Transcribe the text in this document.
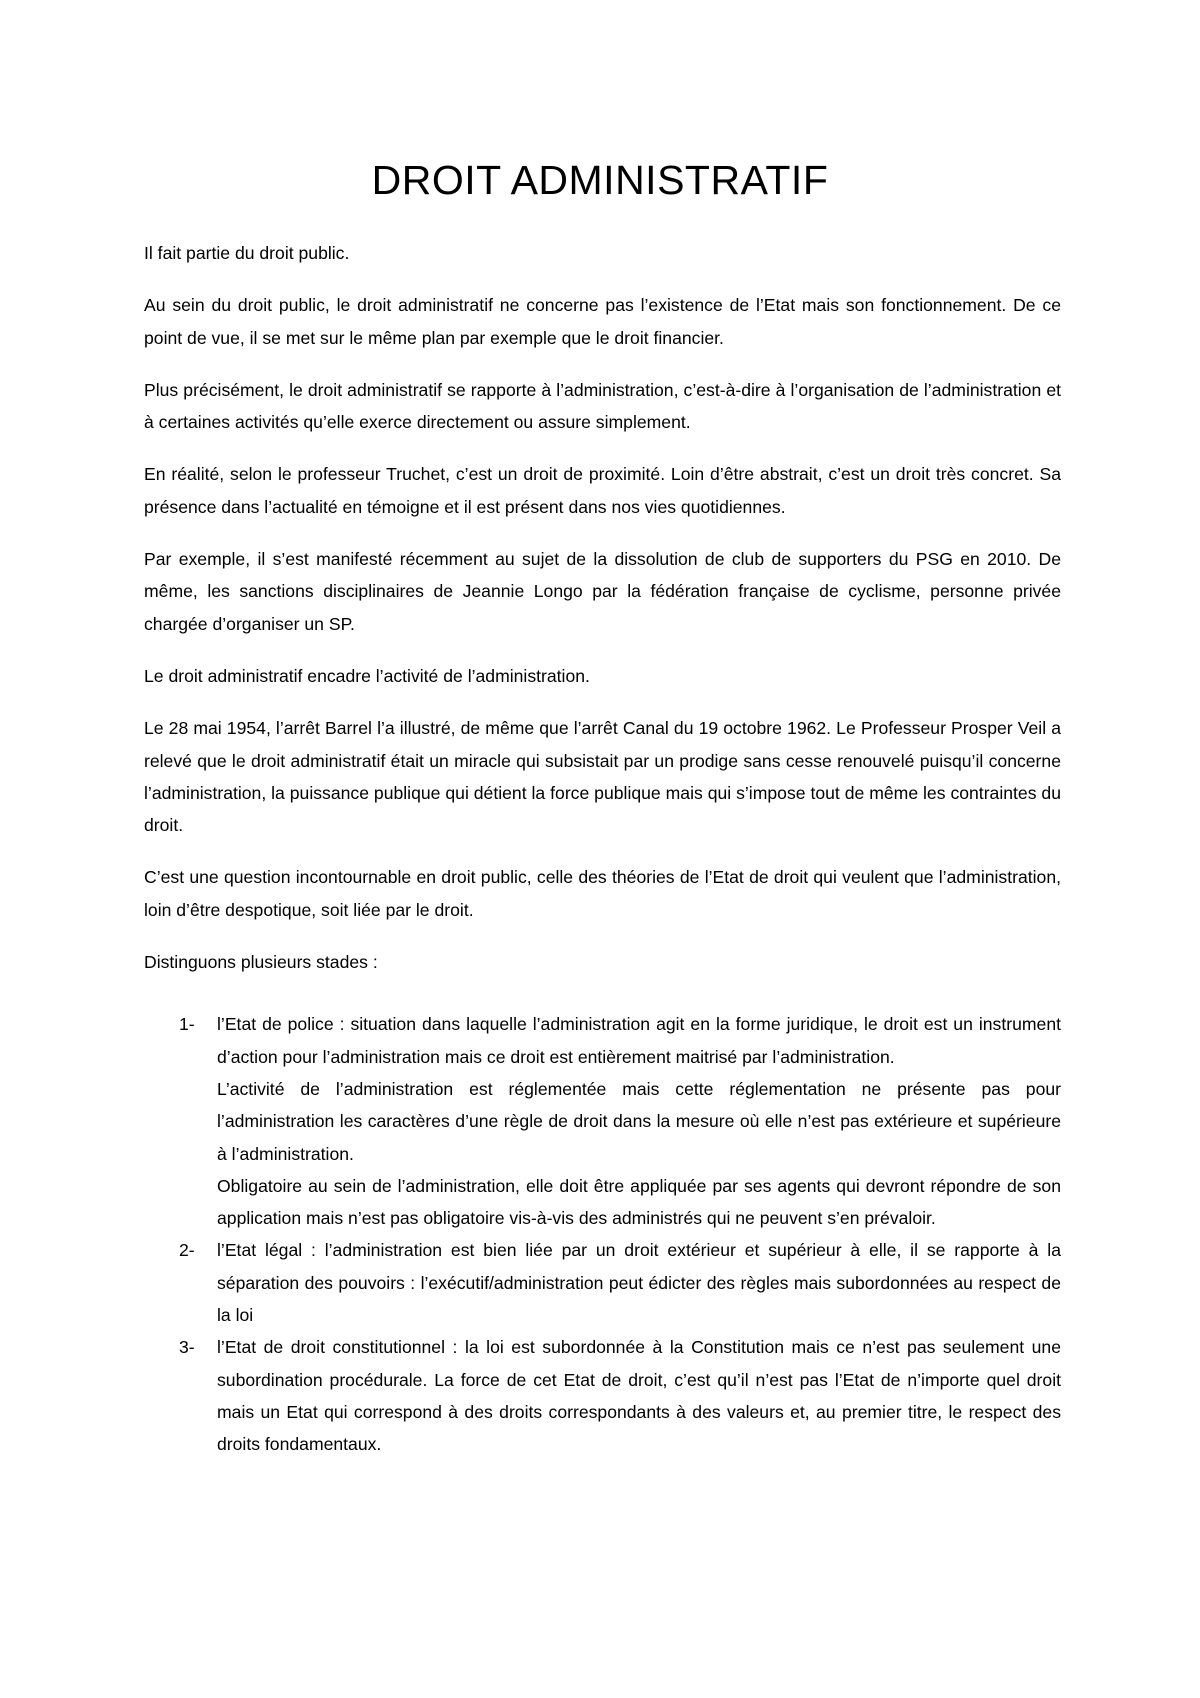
DROIT ADMINISTRATIF

Il fait partie du droit public.

Au sein du droit public, le droit administratif ne concerne pas l’existence de l’Etat mais son fonctionnement. De ce point de vue, il se met sur le même plan par exemple que le droit financier.

Plus précisément, le droit administratif se rapporte à l’administration, c’est-à-dire à l’organisation de l’administration et à certaines activités qu’elle exerce directement ou assure simplement.

En réalité, selon le professeur Truchet, c’est un droit de proximité. Loin d’être abstrait, c’est un droit très concret. Sa présence dans l’actualité en témoigne et il est présent dans nos vies quotidiennes.

Par exemple, il s’est manifesté récemment au sujet de la dissolution de club de supporters du PSG en 2010. De même, les sanctions disciplinaires de Jeannie Longo par la fédération française de cyclisme, personne privée chargée d’organiser un SP.

Le droit administratif encadre l’activité de l’administration.

Le 28 mai 1954, l’arrêt Barrel l’a illustré, de même que l’arrêt Canal du 19 octobre 1962. Le Professeur Prosper Veil a relevé que le droit administratif était un miracle qui subsistait par un prodige sans cesse renouvelé puisqu’il concerne l’administration, la puissance publique qui détient la force publique mais qui s’impose tout de même les contraintes du droit.

C’est une question incontournable en droit public, celle des théories de l’Etat de droit qui veulent que l’administration, loin d’être despotique, soit liée par le droit.

Distinguons plusieurs stades :

1- l’Etat de police : situation dans laquelle l’administration agit en la forme juridique, le droit est un instrument d’action pour l’administration mais ce droit est entièrement maitrisé par l’administration.
L’activité de l’administration est réglementée mais cette réglementation ne présente pas pour l’administration les caractères d’une règle de droit dans la mesure où elle n’est pas extérieure et supérieure à l’administration.
Obligatoire au sein de l’administration, elle doit être appliquée par ses agents qui devront répondre de son application mais n’est pas obligatoire vis-à-vis des administrés qui ne peuvent s’en prévaloir.
2- l’Etat légal : l’administration est bien liée par un droit extérieur et supérieur à elle, il se rapporte à la séparation des pouvoirs : l’exécutif/administration peut édicter des règles mais subordonnées au respect de la loi
3- l’Etat de droit constitutionnel : la loi est subordonnée à la Constitution mais ce n’est pas seulement une subordination procédurale. La force de cet Etat de droit, c’est qu’il n’est pas l’Etat de n’importe quel droit mais un Etat qui correspond à des droits correspondants à des valeurs et, au premier titre, le respect des droits fondamentaux.
